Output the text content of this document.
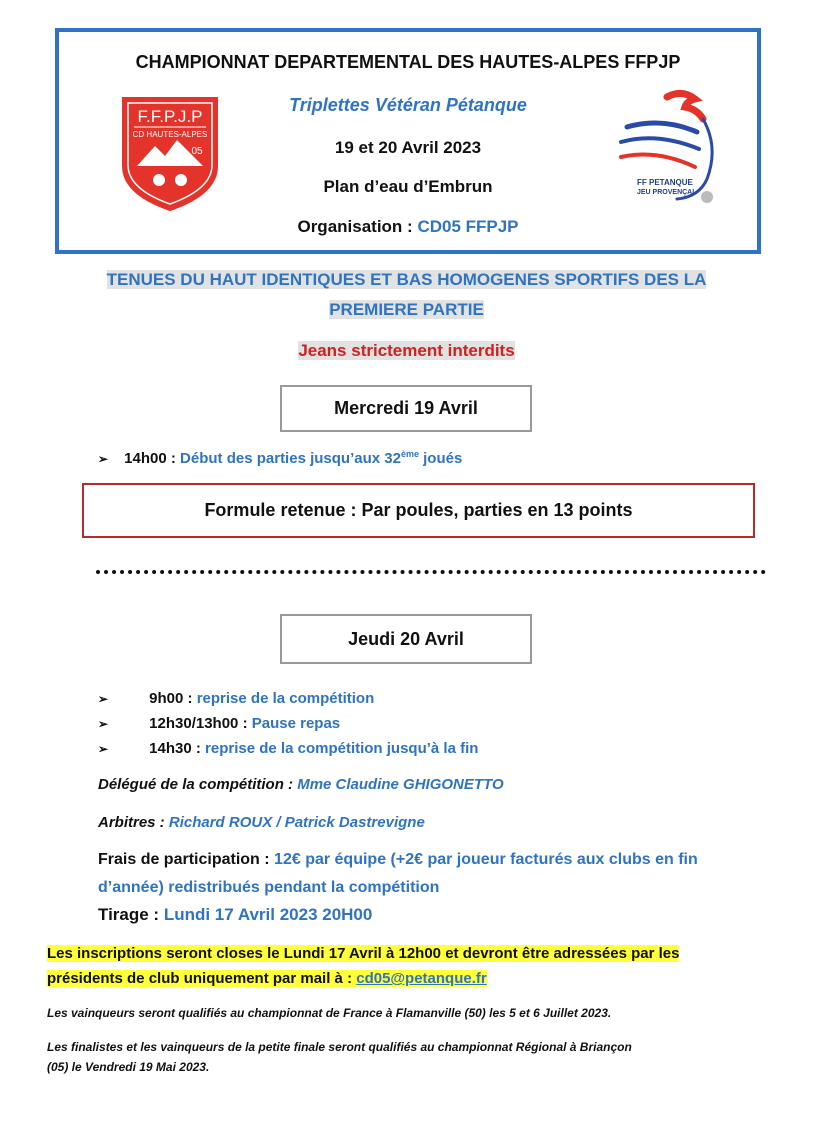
CHAMPIONNAT DEPARTEMENTAL DES HAUTES-ALPES FFPJP
Triplettes Vétéran Pétanque
19 et 20 Avril 2023
Plan d’eau d’Embrun
Organisation : CD05 FFPJP
F.F.P.J.P
CD HAUTES-ALPES
05
FF PETANQUE
JEU PROVENÇAL
TENUES DU HAUT IDENTIQUES ET BAS HOMOGENES SPORTIFS DES LA
PREMIERE PARTIE
Jeans strictement interdits
Mercredi 19 Avril
➢ 14h00 : Début des parties jusqu’aux 32ème joués
Formule retenue : Par poules, parties en 13 points
Jeudi 20 Avril
➢	9h00 : reprise de la compétition
➢	12h30/13h00 : Pause repas
➢	14h30 : reprise de la compétition jusqu’à la fin
Délégué de la compétition : Mme Claudine GHIGONETTO
Arbitres : Richard ROUX / Patrick Dastrevigne
Frais de participation : 12€ par équipe (+2€ par joueur facturés aux clubs en fin
d’année) redistribués pendant la compétition
Tirage : Lundi 17 Avril 2023 20H00
Les inscriptions seront closes le Lundi 17 Avril à 12h00 et devront être adressées par les
présidents de club uniquement par mail à : cd05@petanque.fr
Les vainqueurs seront qualifiés au championnat de France à Flamanville (50) les 5 et 6 Juillet 2023.
Les finalistes et les vainqueurs de la petite finale seront qualifiés au championnat Régional à Briançon
(05) le Vendredi 19 Mai 2023.
